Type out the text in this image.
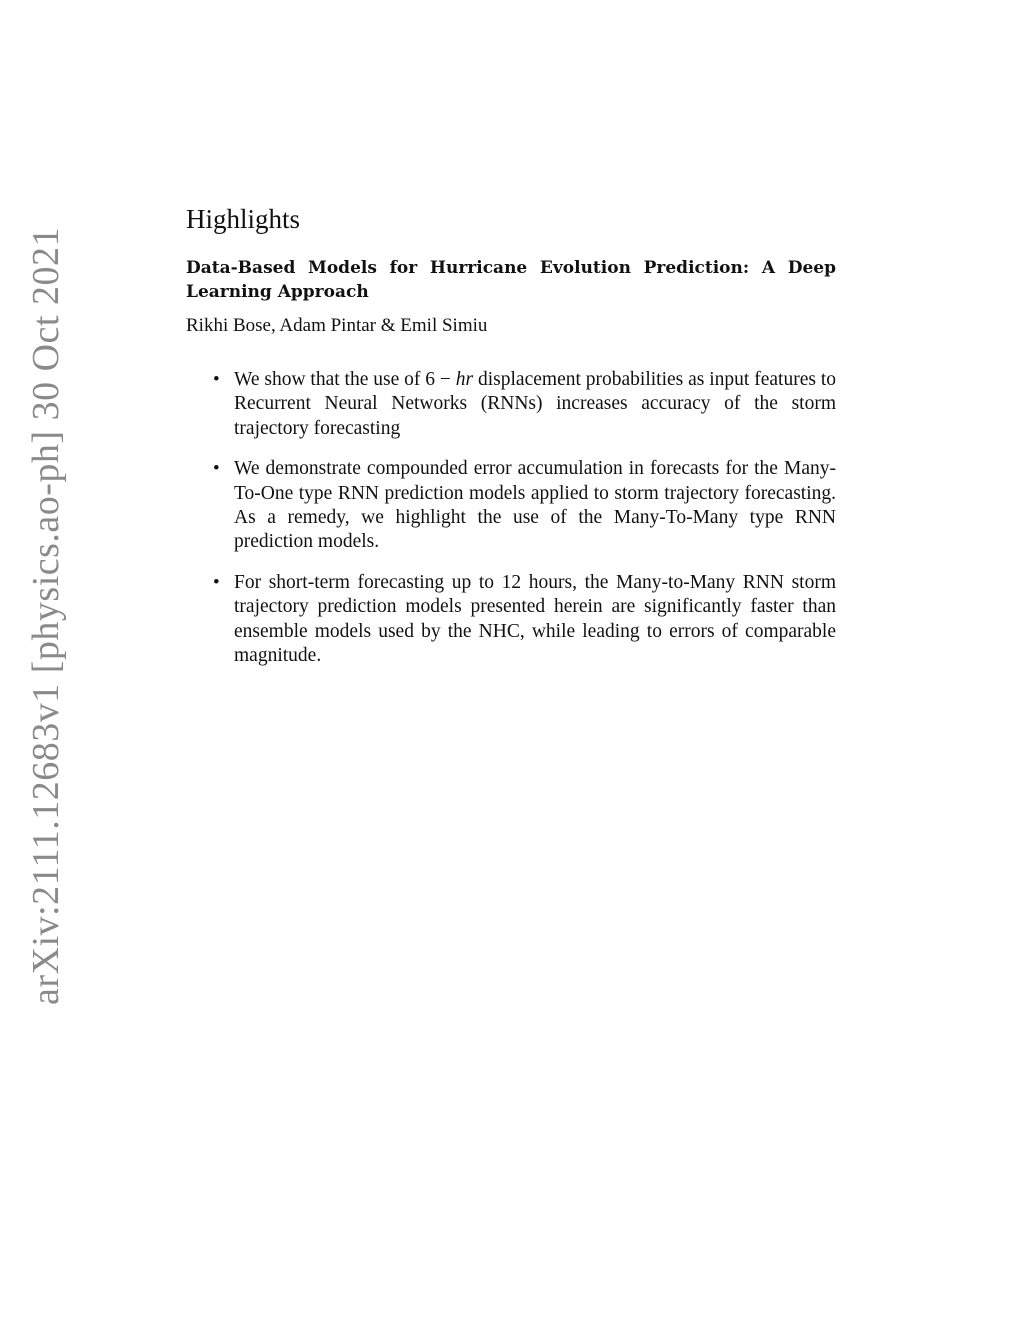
arXiv:2111.12683v1 [physics.ao-ph] 30 Oct 2021
Highlights
Data-Based Models for Hurricane Evolution Prediction: A Deep Learning Approach
Rikhi Bose, Adam Pintar & Emil Simiu
• We show that the use of 6 − hr displacement probabilities as input features to Recurrent Neural Networks (RNNs) increases accuracy of the storm trajectory forecasting
• We demonstrate compounded error accumulation in forecasts for the Many-To-One type RNN prediction models applied to storm trajectory forecasting. As a remedy, we highlight the use of the Many-To-Many type RNN prediction models.
• For short-term forecasting up to 12 hours, the Many-to-Many RNN storm trajectory prediction models presented herein are significantly faster than ensemble models used by the NHC, while leading to errors of comparable magnitude.
